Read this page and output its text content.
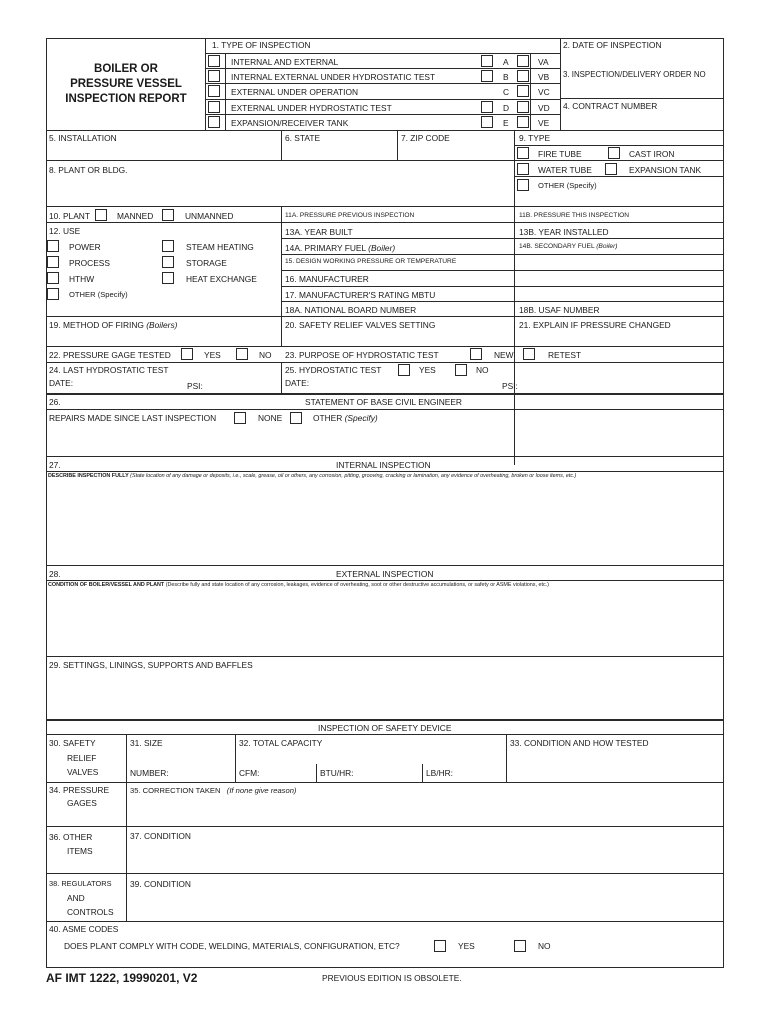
BOILER OR
PRESSURE VESSEL
INSPECTION REPORT
1. TYPE OF INSPECTION
INTERNAL AND EXTERNAL	A	VA
INTERNAL EXTERNAL UNDER HYDROSTATIC TEST	B	VB
EXTERNAL UNDER OPERATION	C	VC
EXTERNAL UNDER HYDROSTATIC TEST	D	VD
EXPANSION/RECEIVER TANK	E	VE
2. DATE OF INSPECTION
3. INSPECTION/DELIVERY ORDER NO
4. CONTRACT NUMBER
5. INSTALLATION	6. STATE	7. ZIP CODE	9. TYPE
FIRE TUBE	CAST IRON
WATER TUBE	EXPANSION TANK
OTHER (Specify)
8. PLANT OR BLDG.
10. PLANT	MANNED	UNMANNED	11A. PRESSURE PREVIOUS INSPECTION	11B. PRESSURE THIS INSPECTION
12. USE
POWER	STEAM HEATING
PROCESS	STORAGE
HTHW	HEAT EXCHANGE
OTHER (Specify)
13A. YEAR BUILT	13B. YEAR INSTALLED
14A. PRIMARY FUEL (Boiler)	14B. SECONDARY FUEL (Boiler)
15. DESIGN WORKING PRESSURE OR TEMPERATURE
16. MANUFACTURER
17. MANUFACTURER'S RATING MBTU
18A. NATIONAL BOARD NUMBER	18B. USAF NUMBER
19. METHOD OF FIRING (Boilers)	20. SAFETY RELIEF VALVES SETTING	21. EXPLAIN IF PRESSURE CHANGED
22. PRESSURE GAGE TESTED	YES	NO 23. PURPOSE OF HYDROSTATIC TEST	NEW	RETEST
24. LAST HYDROSTATIC TEST
DATE:	PSI:
25. HYDROSTATIC TEST	YES	NO
DATE:	PSI:
26.	STATEMENT OF BASE CIVIL ENGINEER
REPAIRS MADE SINCE LAST INSPECTION	NONE	OTHER (Specify)
27.	INTERNAL INSPECTION
DESCRIBE INSPECTION FULLY (State location of any damage or deposits, i.e., scale, grease, oil or others, any corrosion, pitting, grooving, cracking or lamination, any evidence of overheating, broken or loose items, etc.)
28.	EXTERNAL INSPECTION
CONDITION OF BOILER/VESSEL AND PLANT (Describe fully and state location of any corrosion, leakages, evidence of overheating, soot or other destructive accumulations, or safety or ASME violations, etc.)
29. SETTINGS, LININGS, SUPPORTS AND BAFFLES
INSPECTION OF SAFETY DEVICE
30. SAFETY
RELIEF
VALVES
31. SIZE
NUMBER:
32. TOTAL CAPACITY
CFM:	BTU/HR:	LB/HR:
33. CONDITION AND HOW TESTED
34. PRESSURE
GAGES
35. CORRECTION TAKEN (If none give reason)
36. OTHER
ITEMS
37. CONDITION
38. REGULATORS
AND
CONTROLS
39. CONDITION
40. ASME CODES
DOES PLANT COMPLY WITH CODE, WELDING, MATERIALS, CONFIGURATION, ETC?	YES	NO
AF IMT 1222, 19990201, V2	PREVIOUS EDITION IS OBSOLETE.
